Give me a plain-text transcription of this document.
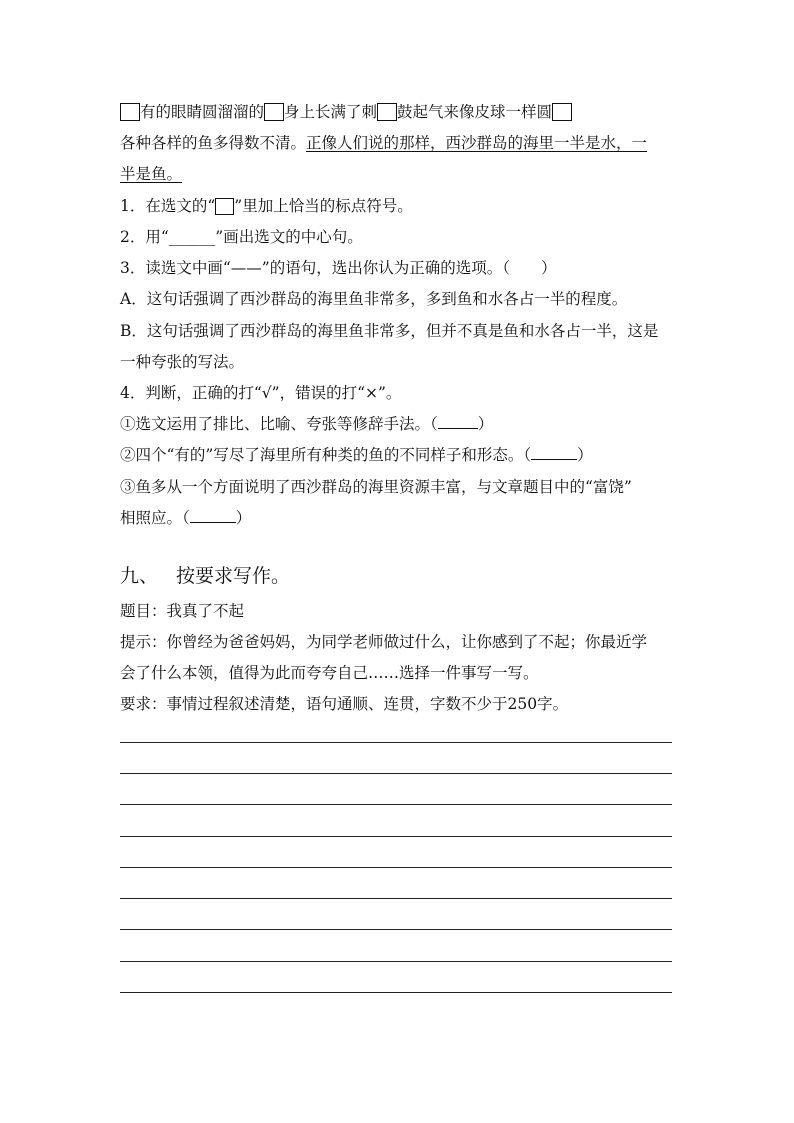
有的眼睛圆溜溜的 身上长满了刺 鼓起气来像皮球一样圆
各种各样的鱼多得数不清。正像人们说的那样，西沙群岛的海里一半是水，一
半是鱼。
1．在选文的“ ”里加上恰当的标点符号。
2．用“______”画出选文的中心句。
3．读选文中画“——”的语句，选出你认为正确的选项。（　　）
A．这句话强调了西沙群岛的海里鱼非常多，多到鱼和水各占一半的程度。
B．这句话强调了西沙群岛的海里鱼非常多，但并不真是鱼和水各占一半，这是
一种夸张的写法。
4．判断，正确的打“√”，错误的打“×”。
①选文运用了排比、比喻、夸张等修辞手法。（	）
②四个“有的”写尽了海里所有种类的鱼的不同样子和形态。（	）
③鱼多从一个方面说明了西沙群岛的海里资源丰富，与文章题目中的“富饶”
相照应。（	）
九、 按要求写作。
题目：我真了不起
提示：你曾经为爸爸妈妈，为同学老师做过什么，让你感到了不起；你最近学
会了什么本领，值得为此而夸夸自己……选择一件事写一写。
要求：事情过程叙述清楚，语句通顺、连贯，字数不少于250字。
